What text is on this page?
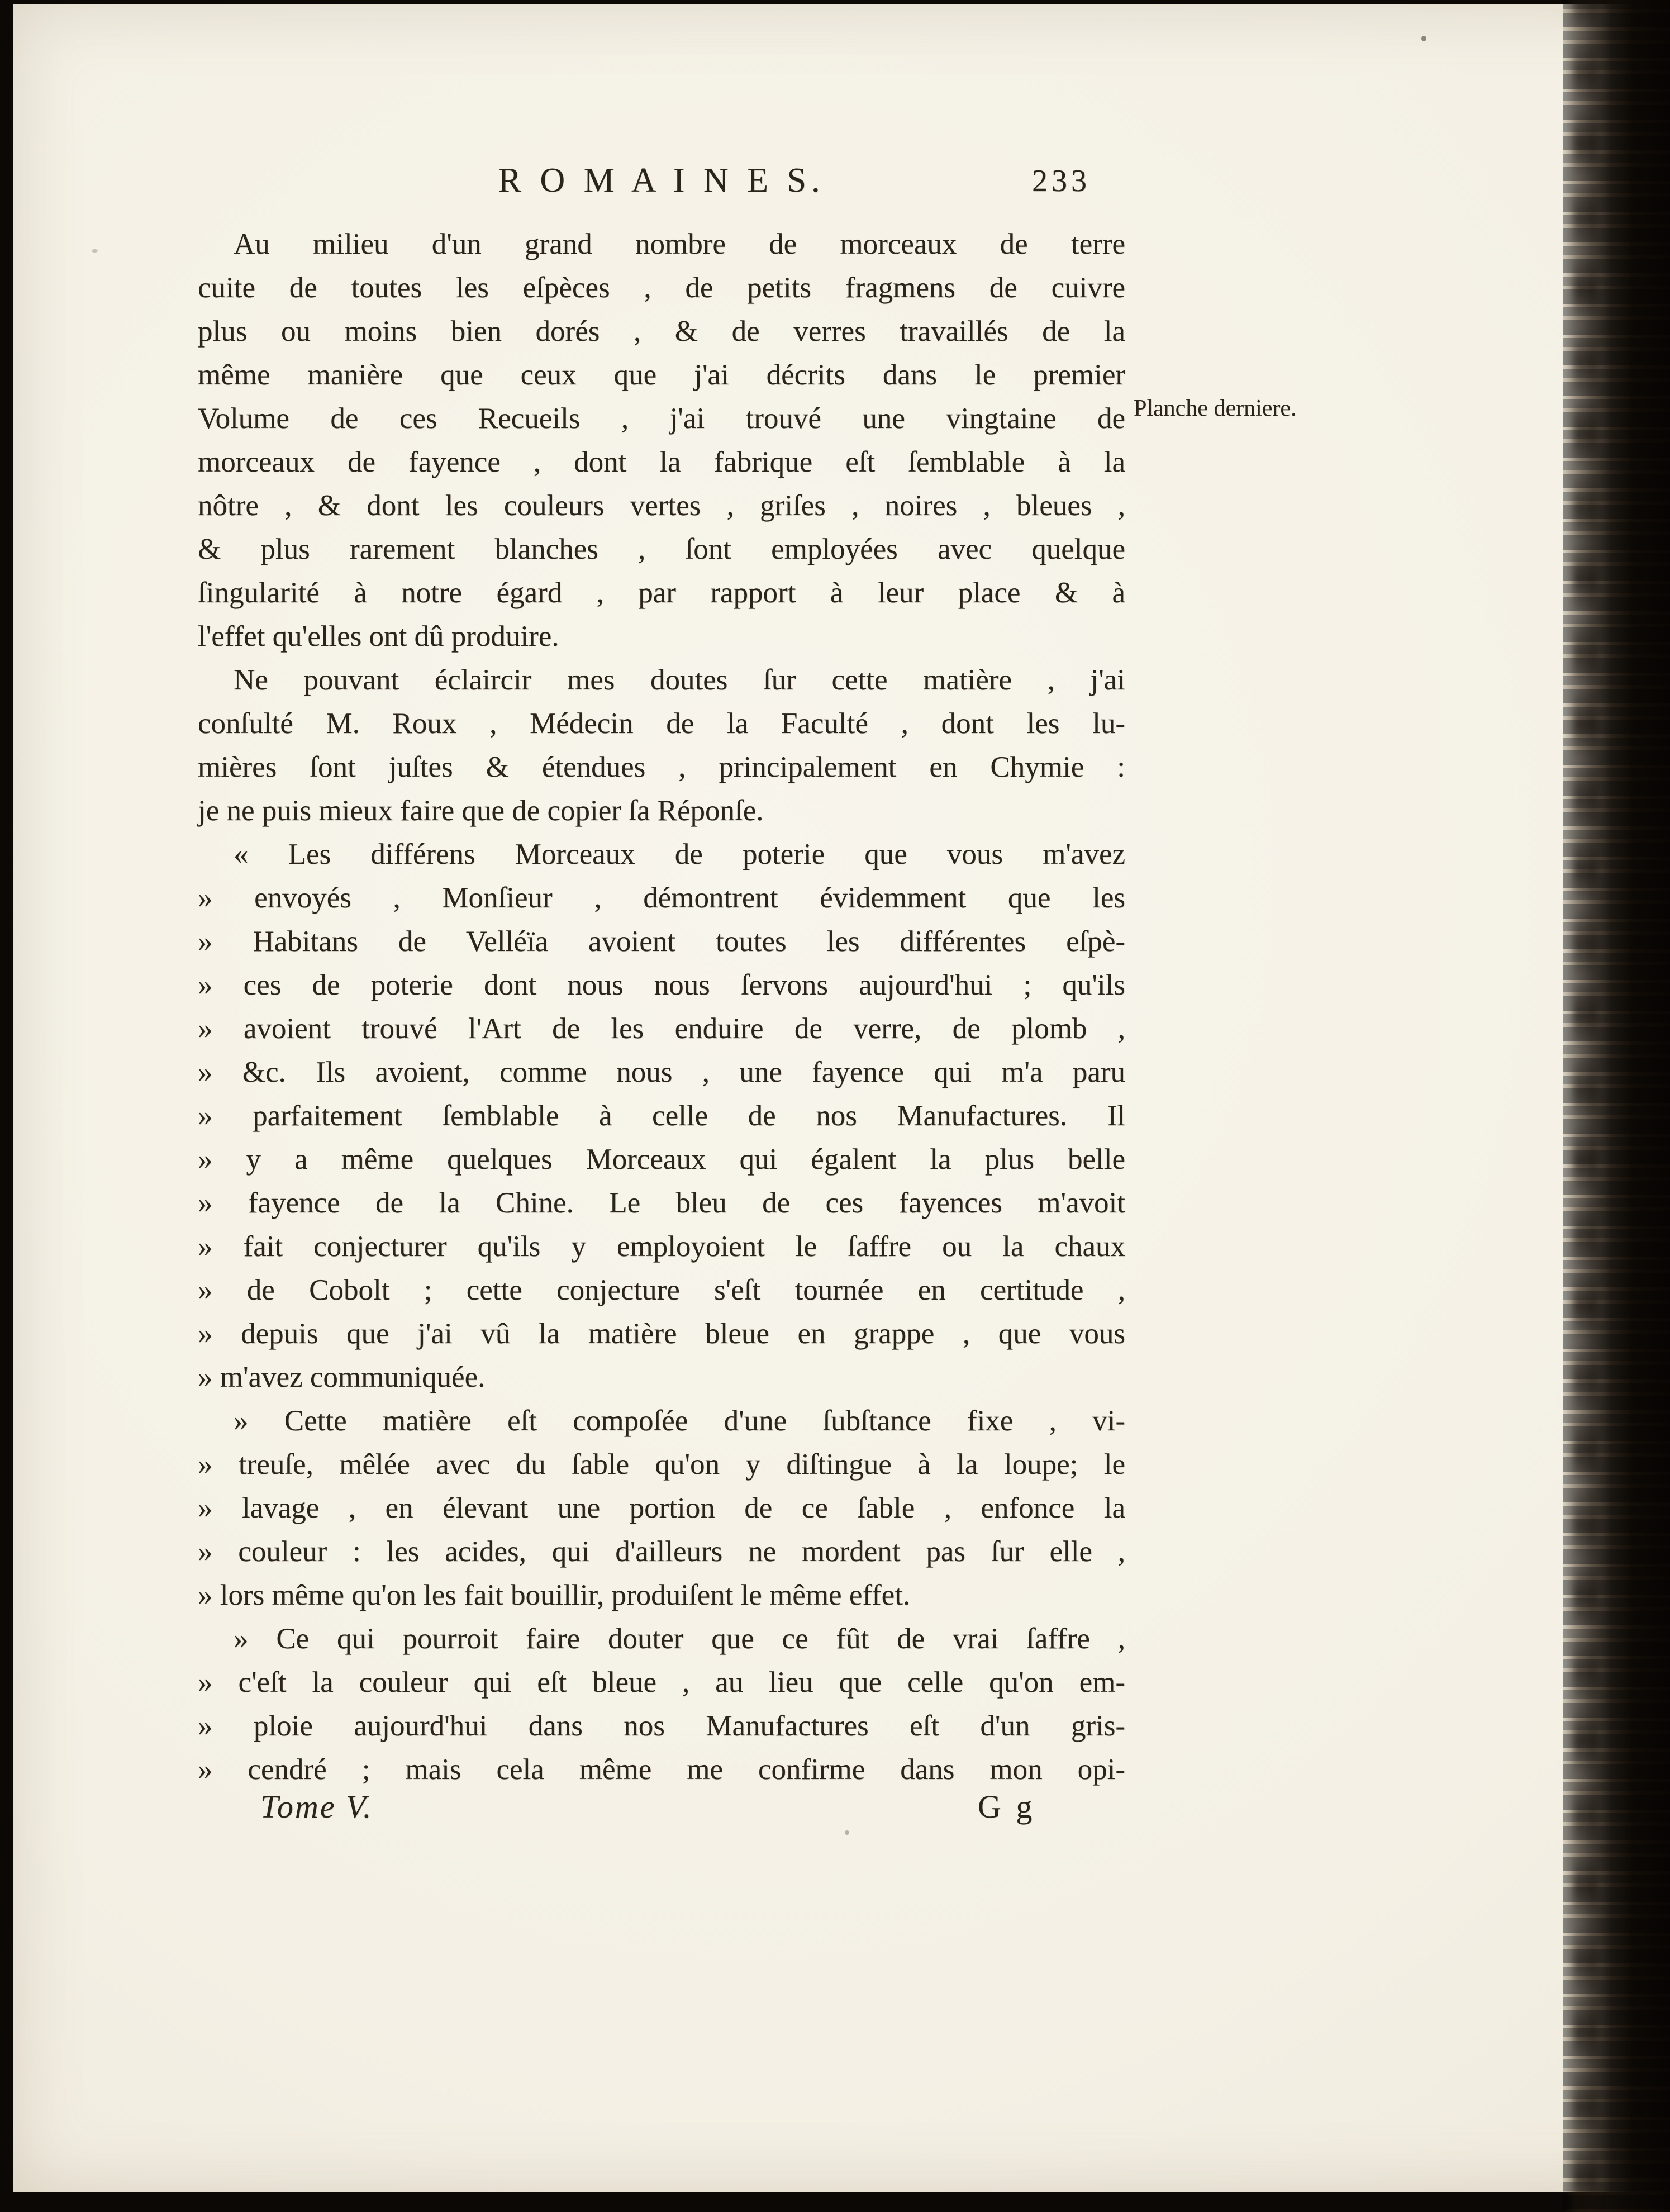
R O M A I N E S.	233
Planche derniere.
Au milieu d'un grand nombre de morceaux de terre
cuite de toutes les eſpèces , de petits fragmens de cuivre
plus ou moins bien dorés , & de verres travaillés de la
même manière que ceux que j'ai décrits dans le premier
Volume de ces Recueils , j'ai trouvé une vingtaine de
morceaux de fayence , dont la fabrique eſt ſemblable à la
nôtre , & dont les couleurs vertes , griſes , noires , bleues ,
& plus rarement blanches , ſont employées avec quelque
ſingularité à notre égard , par rapport à leur place & à
l'effet qu'elles ont dû produire.
Ne pouvant éclaircir mes doutes ſur cette matière , j'ai
conſulté M. Roux , Médecin de la Faculté , dont les lu-
mières ſont juſtes & étendues , principalement en Chymie :
je ne puis mieux faire que de copier ſa Réponſe.
« Les différens Morceaux de poterie que vous m'avez
» envoyés , Monſieur , démontrent évidemment que les
» Habitans de Velléïa avoient toutes les différentes eſpè-
» ces de poterie dont nous nous ſervons aujourd'hui ; qu'ils
» avoient trouvé l'Art de les enduire de verre, de plomb ,
» &c. Ils avoient, comme nous , une fayence qui m'a paru
» parfaitement ſemblable à celle de nos Manufactures. Il
» y a même quelques Morceaux qui égalent la plus belle
» fayence de la Chine. Le bleu de ces fayences m'avoit
» fait conjecturer qu'ils y employoient le ſaffre ou la chaux
» de Cobolt ; cette conjecture s'eſt tournée en certitude ,
» depuis que j'ai vû la matière bleue en grappe , que vous
» m'avez communiquée.
» Cette matière eſt compoſée d'une ſubſtance fixe , vi-
» treuſe, mêlée avec du ſable qu'on y diſtingue à la loupe; le
» lavage , en élevant une portion de ce ſable , enfonce la
» couleur : les acides, qui d'ailleurs ne mordent pas ſur elle ,
» lors même qu'on les fait bouillir, produiſent le même effet.
» Ce qui pourroit faire douter que ce fût de vrai ſaffre ,
» c'eſt la couleur qui eſt bleue , au lieu que celle qu'on em-
» ploie aujourd'hui dans nos Manufactures eſt d'un gris-
» cendré ; mais cela même me confirme dans mon opi-
Tome V.	G g
